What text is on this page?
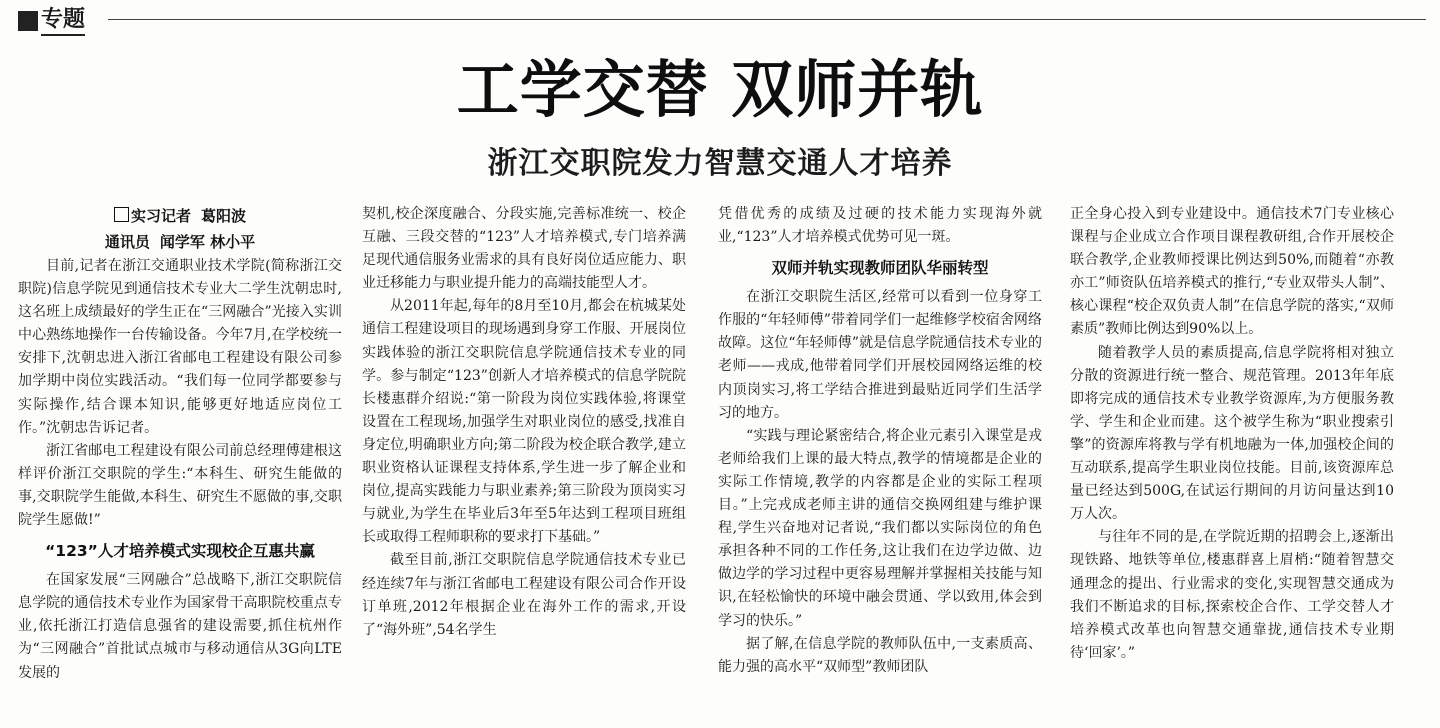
专题
工学交替 双师并轨
浙江交职院发力智慧交通人才培养
实习记者 葛阳波
通讯员 闻学军 林小平

目前,记者在浙江交通职业技术学院(简称浙江交职院)信息学院见到通信技术专业大二学生沈朝忠时,这名班上成绩最好的学生正在“三网融合”光接入实训中心熟练地操作一台传输设备。今年7月,在学校统一安排下,沈朝忠进入浙江省邮电工程建设有限公司参加学期中岗位实践活动。“我们每一位同学都要参与实际操作,结合课本知识,能够更好地适应岗位工作。”沈朝忠告诉记者。

浙江省邮电工程建设有限公司前总经理傅建根这样评价浙江交职院的学生:“本科生、研究生能做的事,交职院学生能做,本科生、研究生不愿做的事,交职院学生愿做!”

“123”人才培养模式实现校企互惠共赢

在国家发展“三网融合”总战略下,浙江交职院信息学院的通信技术专业作为国家骨干高职院校重点专业,依托浙江打造信息强省的建设需要,抓住杭州作为“三网融合”首批试点城市与移动通信从3G向LTE发展的

契机,校企深度融合、分段实施,完善标准统一、校企互融、三段交替的“123”人才培养模式,专门培养满足现代通信服务业需求的具有良好岗位适应能力、职业迁移能力与职业提升能力的高端技能型人才。

从2011年起,每年的8月至10月,都会在杭城某处通信工程建设项目的现场遇到身穿工作服、开展岗位实践体验的浙江交职院信息学院通信技术专业的同学。参与制定“123”创新人才培养模式的信息学院院长楼惠群介绍说:“第一阶段为岗位实践体验,将课堂设置在工程现场,加强学生对职业岗位的感受,找准自身定位,明确职业方向;第二阶段为校企联合教学,建立职业资格认证课程支持体系,学生进一步了解企业和岗位,提高实践能力与职业素养;第三阶段为顶岗实习与就业,为学生在毕业后3年至5年达到工程项目班组长或取得工程师职称的要求打下基础。”

截至目前,浙江交职院信息学院通信技术专业已经连续7年与浙江省邮电工程建设有限公司合作开设订单班,2012年根据企业在海外工作的需求,开设了“海外班”,54名学生

凭借优秀的成绩及过硬的技术能力实现海外就业,“123”人才培养模式优势可见一斑。

双师并轨实现教师团队华丽转型

在浙江交职院生活区,经常可以看到一位身穿工作服的“年轻师傅”带着同学们一起维修学校宿舍网络故障。这位“年轻师傅”就是信息学院通信技术专业的老师——戎成,他带着同学们开展校园网络运维的校内顶岗实习,将工学结合推进到最贴近同学们生活学习的地方。

“实践与理论紧密结合,将企业元素引入课堂是戎老师给我们上课的最大特点,教学的情境都是企业的实际工作情境,教学的内容都是企业的实际工程项目。”上完戎成老师主讲的通信交换网组建与维护课程,学生兴奋地对记者说,“我们都以实际岗位的角色承担各种不同的工作任务,这让我们在边学边做、边做边学的学习过程中更容易理解并掌握相关技能与知识,在轻松愉快的环境中融会贯通、学以致用,体会到学习的快乐。”

据了解,在信息学院的教师队伍中,一支素质高、能力强的高水平“双师型”教师团队

正全身心投入到专业建设中。通信技术7门专业核心课程与企业成立合作项目课程教研组,合作开展校企联合教学,企业教师授课比例达到50%,而随着“亦教亦工”师资队伍培养模式的推行,“专业双带头人制”、核心课程“校企双负责人制”在信息学院的落实,“双师素质”教师比例达到90%以上。

随着教学人员的素质提高,信息学院将相对独立分散的资源进行统一整合、规范管理。2013年年底即将完成的通信技术专业教学资源库,为方便服务教学、学生和企业而建。这个被学生称为“职业搜索引擎”的资源库将教与学有机地融为一体,加强校企间的互动联系,提高学生职业岗位技能。目前,该资源库总量已经达到500G,在试运行期间的月访问量达到10万人次。

与往年不同的是,在学院近期的招聘会上,逐渐出现铁路、地铁等单位,楼惠群喜上眉梢:“随着智慧交通理念的提出、行业需求的变化,实现智慧交通成为我们不断追求的目标,探索校企合作、工学交替人才培养模式改革也向智慧交通靠拢,通信技术专业期待‘回家’。”
